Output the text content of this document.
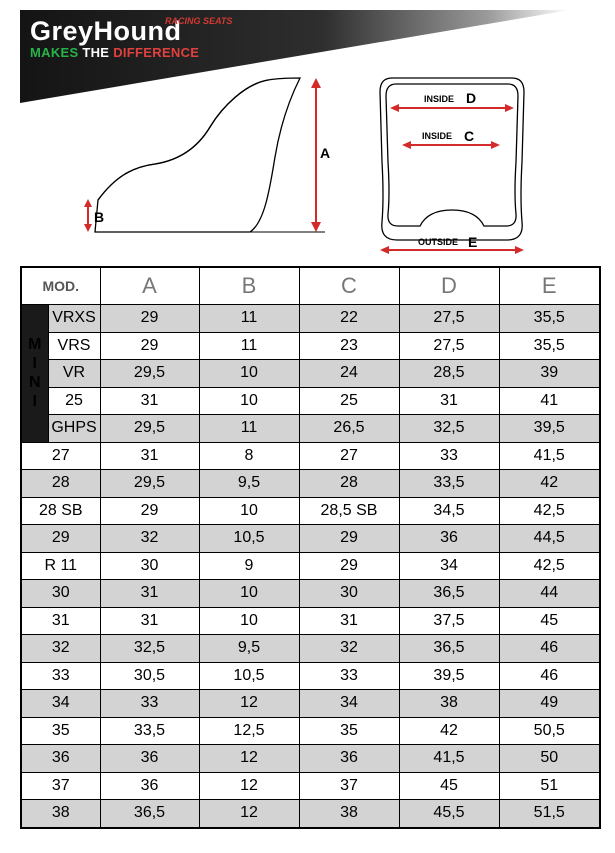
GreyHound
RACING SEATS
MAKES THE DIFFERENCE
A
B
INSIDE D
INSIDE C
OUTSIDE E
MOD.		A	B	C	D	E
M
I
N
I	VRXS	29	11	22	27,5	35,5
	VRS	29	11	23	27,5	35,5
	VR	29,5	10	24	28,5	39
	25	31	10	25	31	41
	GHPS	29,5	11	26,5	32,5	39,5
27		31	8	27	33	41,5
28		29,5	9,5	28	33,5	42
28 SB		29	10	28,5 SB	34,5	42,5
29		32	10,5	29	36	44,5
R 11		30	9	29	34	42,5
30		31	10	30	36,5	44
31		31	10	31	37,5	45
32		32,5	9,5	32	36,5	46
33		30,5	10,5	33	39,5	46
34		33	12	34	38	49
35		33,5	12,5	35	42	50,5
36		36	12	36	41,5	50
37		36	12	37	45	51
38		36,5	12	38	45,5	51,5
